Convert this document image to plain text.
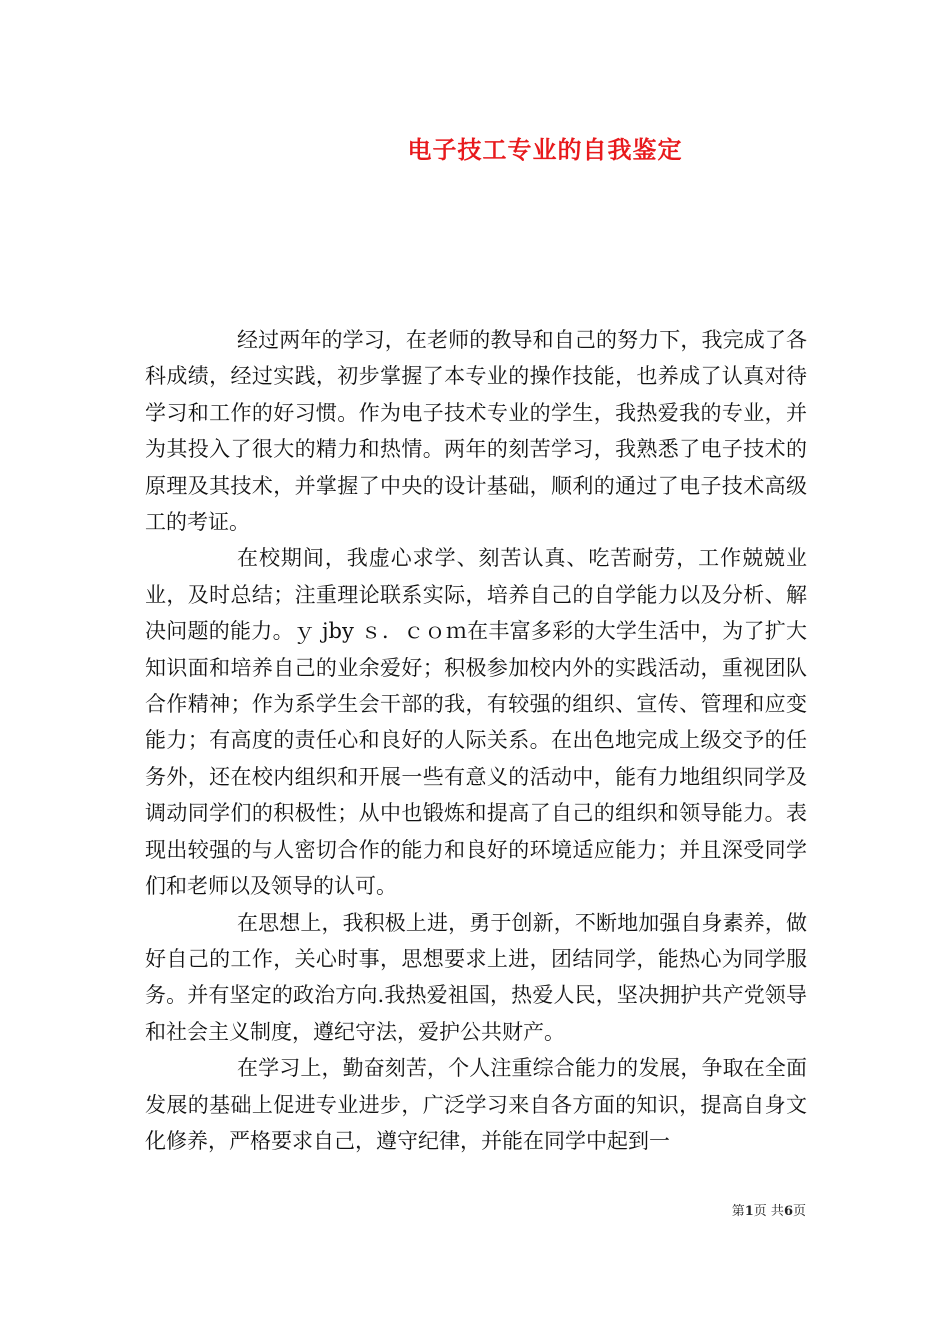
电子技工专业的自我鉴定

经过两年的学习，在老师的教导和自己的努力下，我完成了各科成绩，经过实践，初步掌握了本专业的操作技能，也养成了认真对待学习和工作的好习惯。作为电子技术专业的学生，我热爱我的专业，并为其投入了很大的精力和热情。两年的刻苦学习，我熟悉了电子技术的原理及其技术，并掌握了中央的设计基础，顺利的通过了电子技术高级工的考证。

在校期间，我虚心求学、刻苦认真、吃苦耐劳，工作兢兢业业，及时总结；注重理论联系实际，培养自己的自学能力以及分析、解决问题的能力。ｙ jby ｓ．ｃｏｍ在丰富多彩的大学生活中，为了扩大知识面和培养自己的业余爱好；积极参加校内外的实践活动，重视团队合作精神；作为系学生会干部的我，有较强的组织、宣传、管理和应变能力；有高度的责任心和良好的人际关系。在出色地完成上级交予的任务外，还在校内组织和开展一些有意义的活动中，能有力地组织同学及调动同学们的积极性；从中也锻炼和提高了自己的组织和领导能力。表现出较强的与人密切合作的能力和良好的环境适应能力；并且深受同学们和老师以及领导的认可。

在思想上，我积极上进，勇于创新，不断地加强自身素养，做好自己的工作，关心时事，思想要求上进，团结同学，能热心为同学服务。并有坚定的政治方向.我热爱祖国，热爱人民，坚决拥护共产党领导和社会主义制度，遵纪守法，爱护公共财产。

在学习上，勤奋刻苦，个人注重综合能力的发展，争取在全面发展的基础上促进专业进步，广泛学习来自各方面的知识，提高自身文化修养，严格要求自己，遵守纪律，并能在同学中起到一

第1页 共6页
